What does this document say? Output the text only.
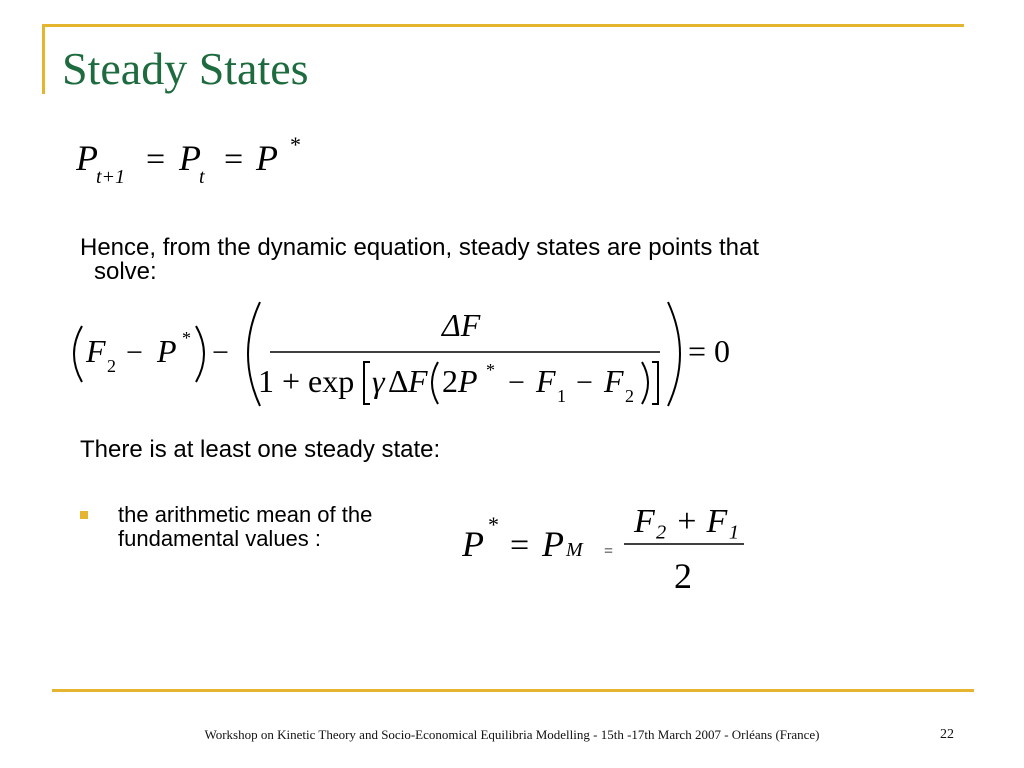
Steady States
P
t+1 = P
t = P *
Hence, from the dynamic equation, steady states are points that
solve:
F 2 − P * −
ΔF
1 + exp γ Δ F 2 P * − F 1 − F 2
= 0
There is at least one steady state:
the arithmetic mean of the
fundamental values :	P *
= P M =
F₂ + F₁
2
Workshop on Kinetic Theory and Socio-Economical Equilibria Modelling - 15th -17th March 2007 - Orléans (France)	22
